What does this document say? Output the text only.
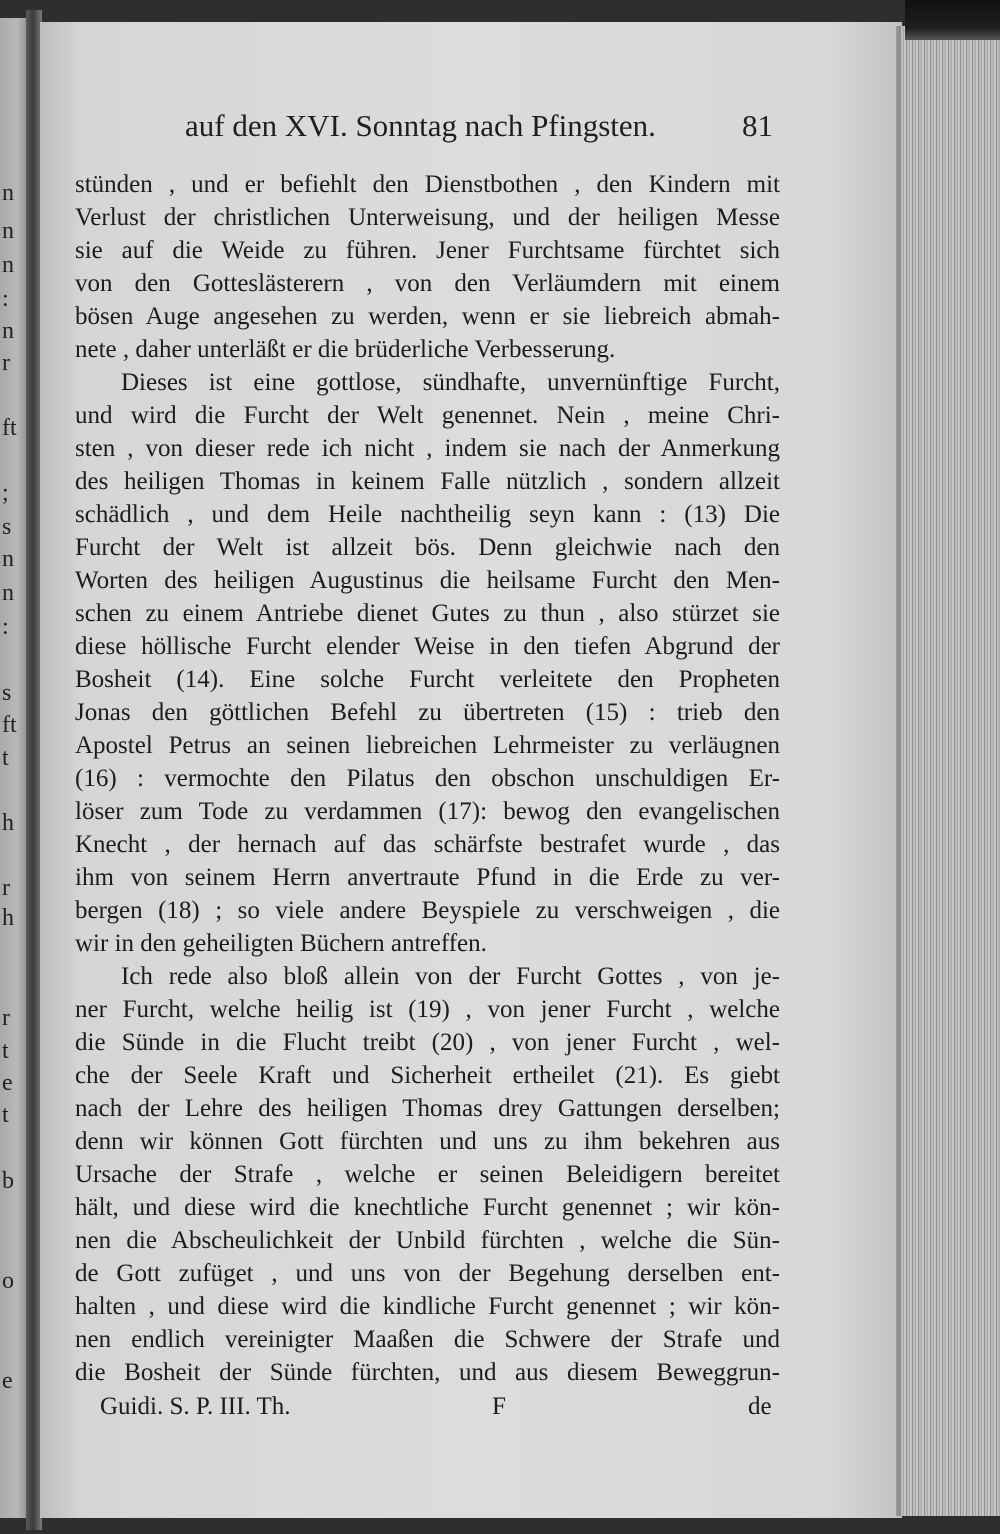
n
n
n
:
n
r
ft
;
s
n
n
:
s
ft
t
h
r
h
r
t
e
t
b
o
e
auf den XVI. Sonntag nach Pfingsten.	81
stünden , und er befiehlt den Dienstbothen , den Kindern mit
Verlust der christlichen Unterweisung, und der heiligen Messe
sie auf die Weide zu führen. Jener Furchtsame fürchtet sich
von den Gotteslästerern , von den Verläumdern mit einem
bösen Auge angesehen zu werden, wenn er sie liebreich abmah-
nete , daher unterläßt er die brüderliche Verbesserung.
Dieses ist eine gottlose, sündhafte, unvernünftige Furcht,
und wird die Furcht der Welt genennet. Nein , meine Chri-
sten , von dieser rede ich nicht , indem sie nach der Anmerkung
des heiligen Thomas in keinem Falle nützlich , sondern allzeit
schädlich , und dem Heile nachtheilig seyn kann : (13) Die
Furcht der Welt ist allzeit bös. Denn gleichwie nach den
Worten des heiligen Augustinus die heilsame Furcht den Men-
schen zu einem Antriebe dienet Gutes zu thun , also stürzet sie
diese höllische Furcht elender Weise in den tiefen Abgrund der
Bosheit (14). Eine solche Furcht verleitete den Propheten
Jonas den göttlichen Befehl zu übertreten (15) : trieb den
Apostel Petrus an seinen liebreichen Lehrmeister zu verläugnen
(16) : vermochte den Pilatus den obschon unschuldigen Er-
löser zum Tode zu verdammen (17): bewog den evangelischen
Knecht , der hernach auf das schärfste bestrafet wurde , das
ihm von seinem Herrn anvertraute Pfund in die Erde zu ver-
bergen (18) ; so viele andere Beyspiele zu verschweigen , die
wir in den geheiligten Büchern antreffen.
Ich rede also bloß allein von der Furcht Gottes , von je-
ner Furcht, welche heilig ist (19) , von jener Furcht , welche
die Sünde in die Flucht treibt (20) , von jener Furcht , wel-
che der Seele Kraft und Sicherheit ertheilet (21). Es giebt
nach der Lehre des heiligen Thomas drey Gattungen derselben;
denn wir können Gott fürchten und uns zu ihm bekehren aus
Ursache der Strafe , welche er seinen Beleidigern bereitet
hält, und diese wird die knechtliche Furcht genennet ; wir kön-
nen die Abscheulichkeit der Unbild fürchten , welche die Sün-
de Gott zufüget , und uns von der Begehung derselben ent-
halten , und diese wird die kindliche Furcht genennet ; wir kön-
nen endlich vereinigter Maaßen die Schwere der Strafe und
die Bosheit der Sünde fürchten, und aus diesem Beweggrun-
Guidi. S. P. III. Th.	F	de
